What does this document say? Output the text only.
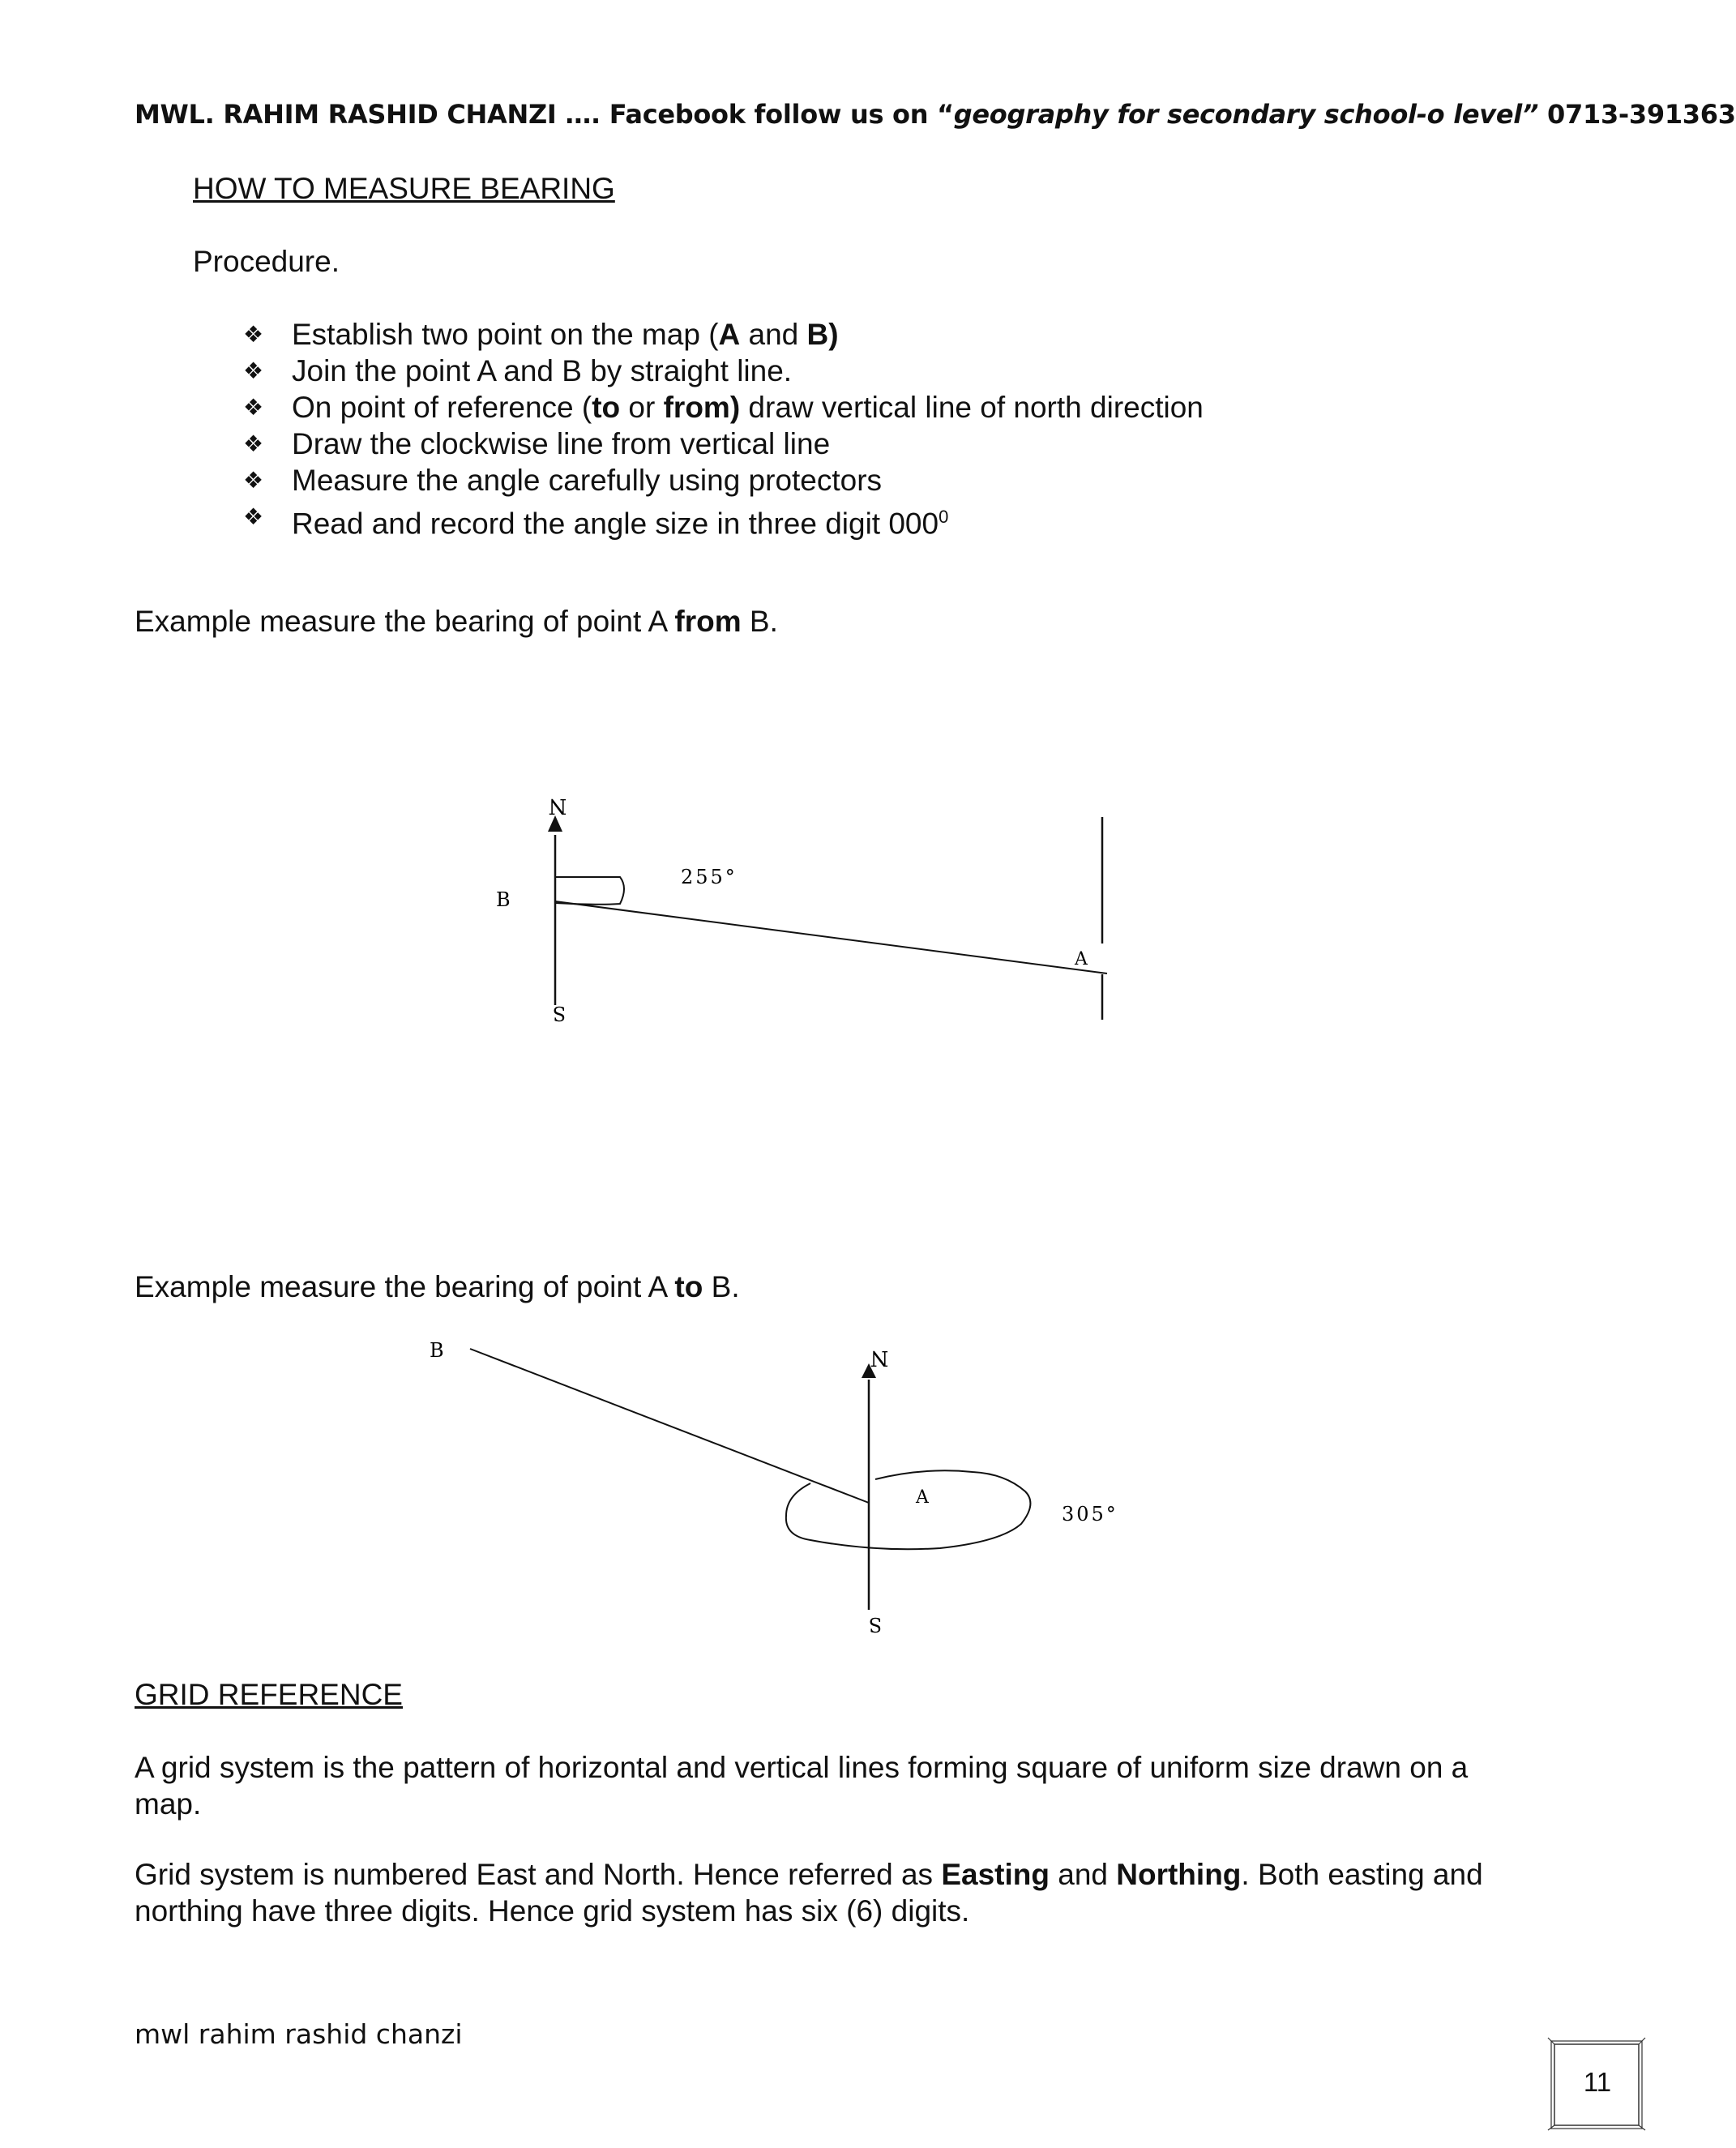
MWL. RAHIM RASHID CHANZI …. Facebook follow us on “geography for secondary school-o level” 0713-391363
HOW TO MEASURE BEARING
Procedure.
❖ Establish two point on the map (A and B)
❖ Join the point A and B by straight line.
❖ On point of reference (to or from) draw vertical line of north direction
❖ Draw the clockwise line from vertical line
❖ Measure the angle carefully using protectors
❖ Read and record the angle size in three digit $000^0$
Example measure the bearing of point A from B.
N
S
B
255°
A
Example measure the bearing of point A to B.
B	N
S
A
305°
GRID REFERENCE
A grid system is the pattern of horizontal and vertical lines forming square of uniform size drawn on a map.
Grid system is numbered East and North. Hence referred as Easting and Northing. Both easting and northing have three digits. Hence grid system has six (6) digits.
mwl rahim rashid chanzi
11
